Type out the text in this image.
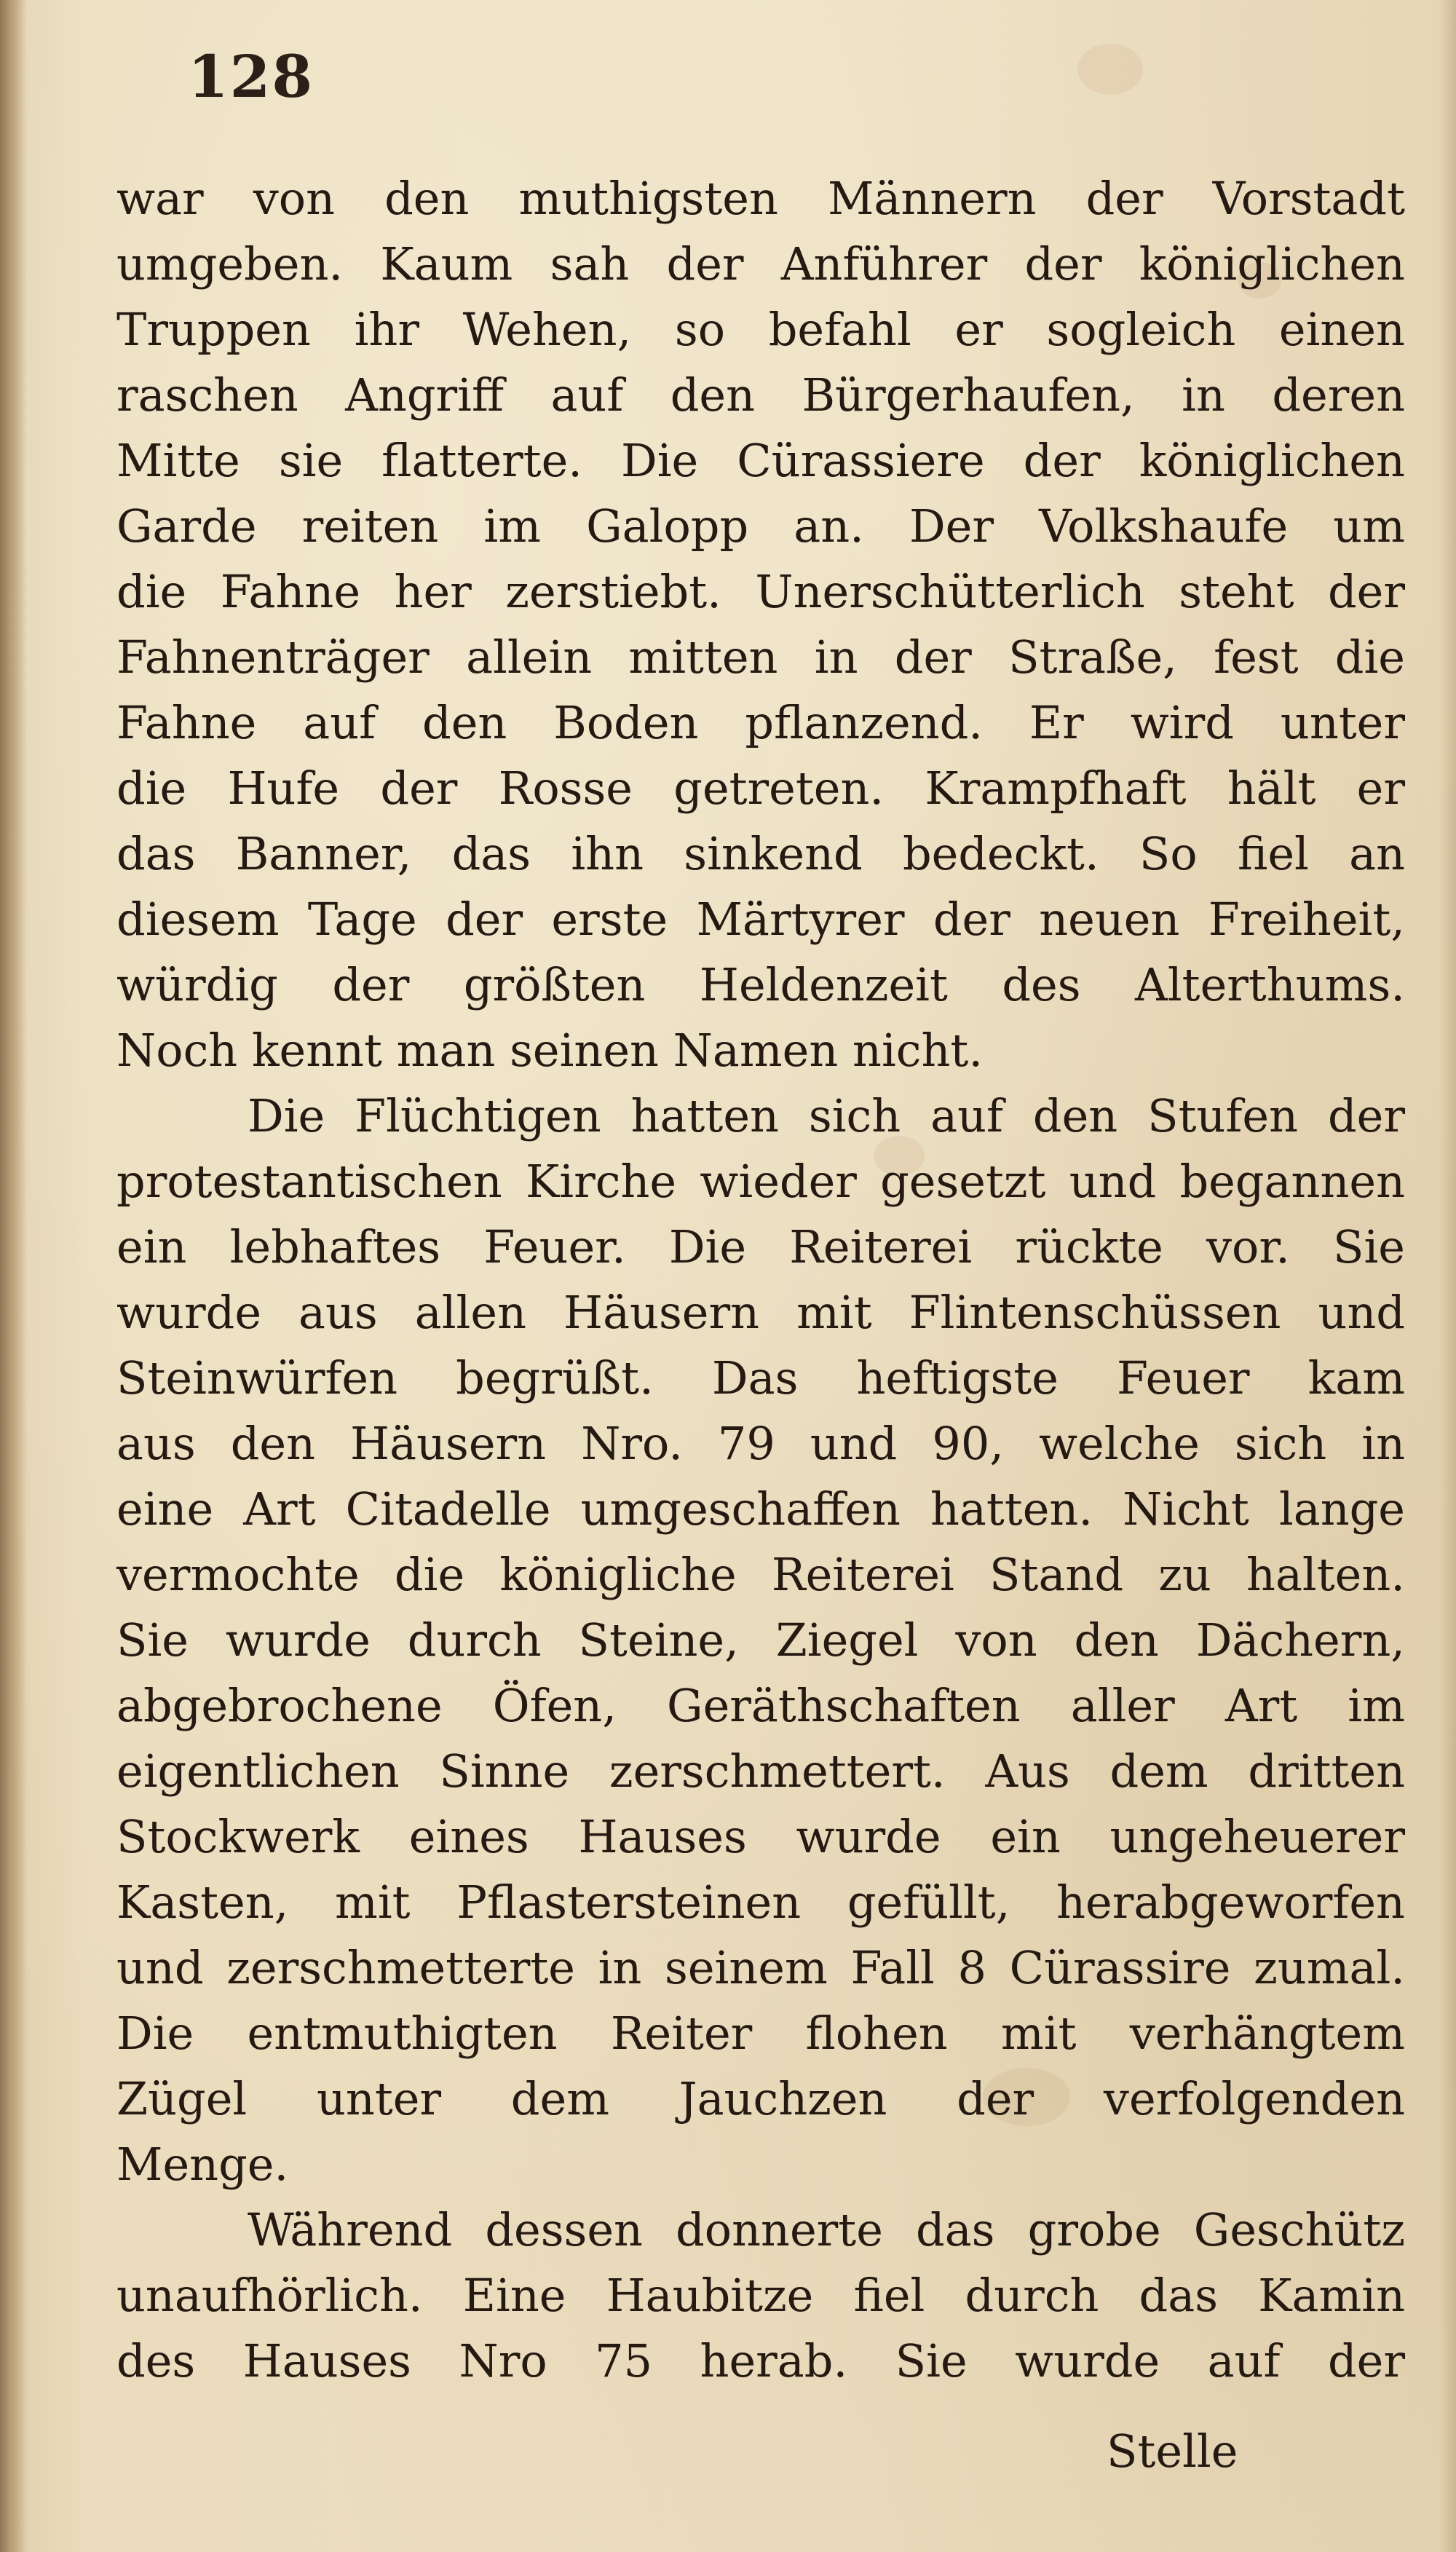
128
war von den muthigsten Männern der Vorstadt
umgeben. Kaum sah der Anführer der königlichen
Truppen ihr Wehen, so befahl er sogleich einen
raschen Angriff auf den Bürgerhaufen, in deren
Mitte sie flatterte. Die Cürassiere der königlichen
Garde reiten im Galopp an. Der Volkshaufe um
die Fahne her zerstiebt. Unerschütterlich steht der
Fahnenträger allein mitten in der Straße, fest die
Fahne auf den Boden pflanzend. Er wird unter
die Hufe der Rosse getreten. Krampfhaft hält er
das Banner, das ihn sinkend bedeckt. So fiel an
diesem Tage der erste Märtyrer der neuen Freiheit,
würdig der größten Heldenzeit des Alterthums.
Noch kennt man seinen Namen nicht.
Die Flüchtigen hatten sich auf den Stufen der
protestantischen Kirche wieder gesetzt und begannen
ein lebhaftes Feuer. Die Reiterei rückte vor. Sie
wurde aus allen Häusern mit Flintenschüssen und
Steinwürfen begrüßt. Das heftigste Feuer kam
aus den Häusern Nro. 79 und 90, welche sich in
eine Art Citadelle umgeschaffen hatten. Nicht lange
vermochte die königliche Reiterei Stand zu halten.
Sie wurde durch Steine, Ziegel von den Dächern,
abgebrochene Öfen, Geräthschaften aller Art im
eigentlichen Sinne zerschmettert. Aus dem dritten
Stockwerk eines Hauses wurde ein ungeheuerer
Kasten, mit Pflastersteinen gefüllt, herabgeworfen
und zerschmetterte in seinem Fall 8 Cürassire zumal.
Die entmuthigten Reiter flohen mit verhängtem
Zügel unter dem Jauchzen der verfolgenden
Menge.
Während dessen donnerte das grobe Geschütz
unaufhörlich. Eine Haubitze fiel durch das Kamin
des Hauses Nro 75 herab. Sie wurde auf der
Stelle
